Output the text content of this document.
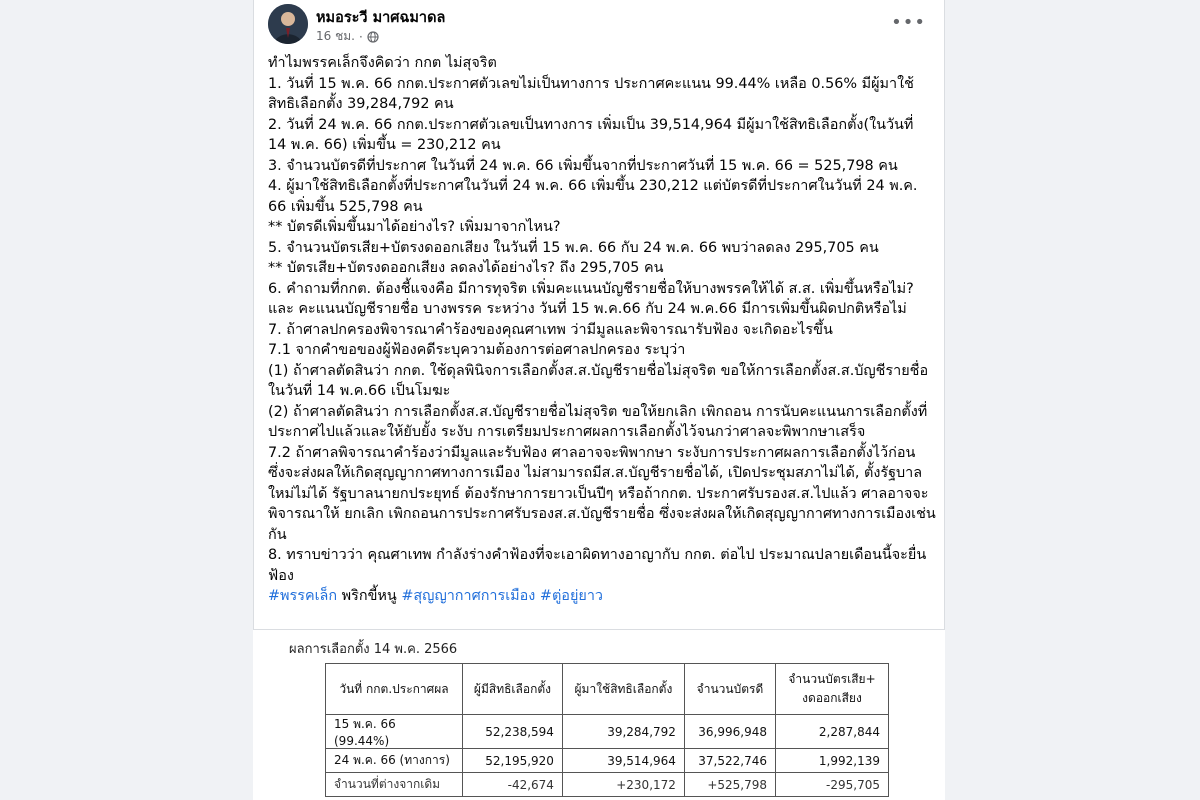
หมอระวี มาศฉมาดล
16 ชม. ·
•••

ทำไมพรรคเล็กจึงคิดว่า กกต ไม่สุจริต

1. วันที่ 15 พ.ค. 66 กกต.ประกาศตัวเลขไม่เป็นทางการ ประกาศคะแนน 99.44% เหลือ 0.56% มีผู้มาใช้สิทธิเลือกตั้ง 39,284,792 คน

2. วันที่ 24 พ.ค. 66 กกต.ประกาศตัวเลขเป็นทางการ เพิ่มเป็น 39,514,964 มีผู้มาใช้สิทธิเลือกตั้ง(ในวันที่ 14 พ.ค. 66) เพิ่มขึ้น = 230,212 คน

3. จำนวนบัตรดีที่ประกาศ ในวันที่ 24 พ.ค. 66 เพิ่มขึ้นจากที่ประกาศวันที่ 15 พ.ค. 66 = 525,798 คน

4. ผู้มาใช้สิทธิเลือกตั้งที่ประกาศในวันที่ 24 พ.ค. 66 เพิ่มขึ้น 230,212 แต่บัตรดีที่ประกาศในวันที่ 24 พ.ค. 66 เพิ่มขึ้น 525,798 คน

** บัตรดีเพิ่มขึ้นมาได้อย่างไร? เพิ่มมาจากไหน?

5. จำนวนบัตรเสีย+บัตรงดออกเสียง ในวันที่ 15 พ.ค. 66 กับ 24 พ.ค. 66 พบว่าลดลง 295,705 คน

** บัตรเสีย+บัตรงดออกเสียง ลดลงได้อย่างไร? ถึง 295,705 คน

6. คำถามที่กกต. ต้องชี้แจงคือ มีการทุจริต เพิ่มคะแนนบัญชีรายชื่อให้บางพรรคให้ได้ ส.ส. เพิ่มขึ้นหรือไม่? และ คะแนนบัญชีรายชื่อ บางพรรค ระหว่าง วันที่ 15 พ.ค.66 กับ 24 พ.ค.66 มีการเพิ่มขึ้นผิดปกติหรือไม่

7. ถ้าศาลปกครองพิจารณาคำร้องของคุณศาเทพ ว่ามีมูลและพิจารณารับฟ้อง จะเกิดอะไรขึ้น

7.1 จากคำขอของผู้ฟ้องคดีระบุความต้องการต่อศาลปกครอง ระบุว่า

(1) ถ้าศาลตัดสินว่า กกต. ใช้ดุลพินิจการเลือกตั้งส.ส.บัญชีรายชื่อไม่สุจริต ขอให้การเลือกตั้งส.ส.บัญชีรายชื่อในวันที่ 14 พ.ค.66 เป็นโมฆะ

(2) ถ้าศาลตัดสินว่า การเลือกตั้งส.ส.บัญชีรายชื่อไม่สุจริต ขอให้ยกเลิก เพิกถอน การนับคะแนนการเลือกตั้งที่ประกาศไปแล้วและให้ยับยั้ง ระงับ การเตรียมประกาศผลการเลือกตั้งไว้จนกว่าศาลจะพิพากษาเสร็จ

7.2 ถ้าศาลพิจารณาคำร้องว่ามีมูลและรับฟ้อง ศาลอาจจะพิพากษา ระงับการประกาศผลการเลือกตั้งไว้ก่อน ซึ่งจะส่งผลให้เกิดสุญญากาศทางการเมือง ไม่สามารถมีส.ส.บัญชีรายชื่อได้, เปิดประชุมสภาไม่ได้, ตั้งรัฐบาลใหม่ไม่ได้ รัฐบาลนายกประยุทธ์ ต้องรักษาการยาวเป็นปีๆ หรือถ้ากกต. ประกาศรับรองส.ส.ไปแล้ว ศาลอาจจะพิจารณาให้ ยกเลิก เพิกถอนการประกาศรับรองส.ส.บัญชีรายชื่อ ซึ่งจะส่งผลให้เกิดสุญญากาศทางการเมืองเช่นกัน

8. ทราบข่าวว่า คุณศาเทพ กำลังร่างคำฟ้องที่จะเอาผิดทางอาญากับ กกต. ต่อไป ประมาณปลายเดือนนี้จะยื่นฟ้อง

#พรรคเล็ก พริกขี้หนู #สุญญากาศการเมือง #ตู่อยู่ยาว

ผลการเลือกตั้ง 14 พ.ค. 2566
วันที่ กกต.ประกาศผล	ผู้มีสิทธิเลือกตั้ง	ผู้มาใช้สิทธิเลือกตั้ง	จำนวนบัตรดี	จำนวนบัตรเสีย+ งดออกเสียง
15 พ.ค. 66 (99.44%)	52,238,594	39,284,792	36,996,948	2,287,844
24 พ.ค. 66 (ทางการ)	52,195,920	39,514,964	37,522,746	1,992,139
จำนวนที่ต่างจากเดิม	-42,674	+230,172	+525,798	-295,705
